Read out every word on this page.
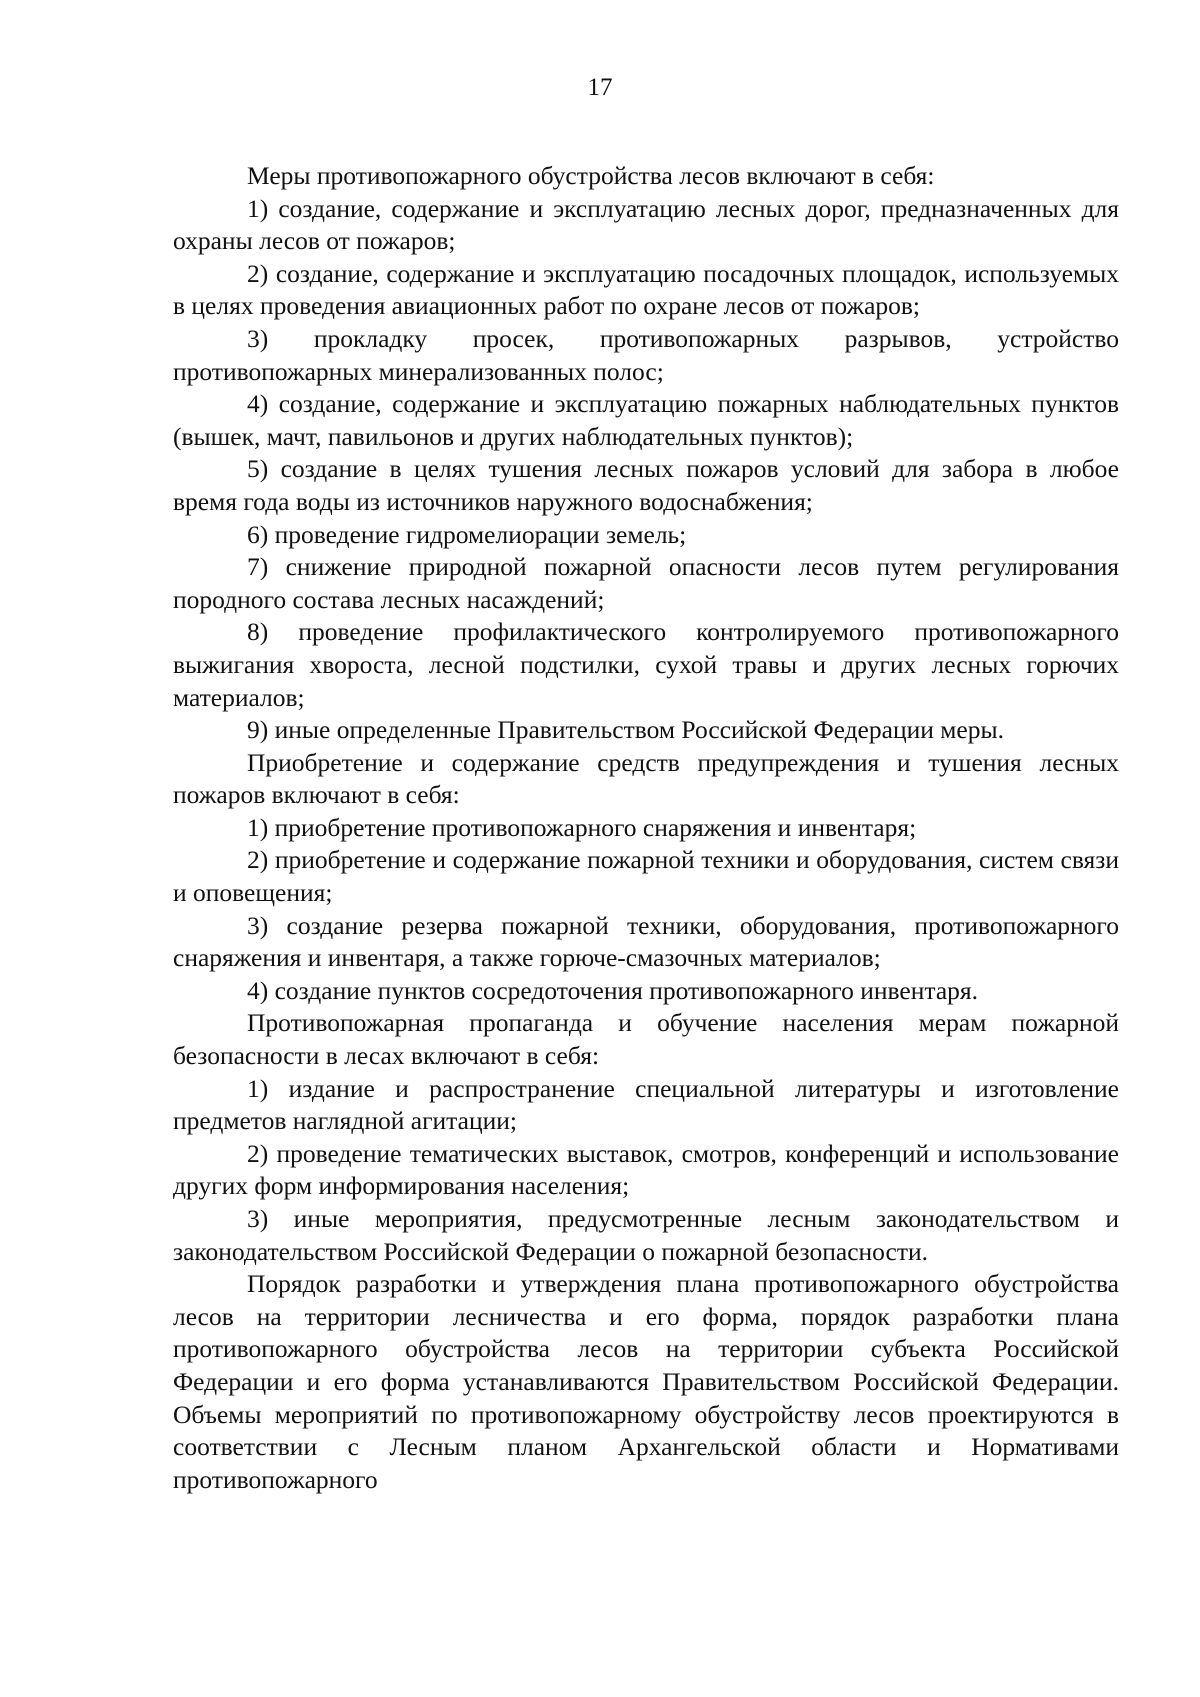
17

Меры противопожарного обустройства лесов включают в себя:

1) создание, содержание и эксплуатацию лесных дорог, предназначенных для охраны лесов от пожаров;

2) создание, содержание и эксплуатацию посадочных площадок, используемых в целях проведения авиационных работ по охране лесов от пожаров;

3) прокладку просек, противопожарных разрывов, устройство противопожарных минерализованных полос;

4) создание, содержание и эксплуатацию пожарных наблюдательных пунктов (вышек, мачт, павильонов и других наблюдательных пунктов);

5) создание в целях тушения лесных пожаров условий для забора в любое время года воды из источников наружного водоснабжения;

6) проведение гидромелиорации земель;

7) снижение природной пожарной опасности лесов путем регулирования породного состава лесных насаждений;

8) проведение профилактического контролируемого противопожарного выжигания хвороста, лесной подстилки, сухой травы и других лесных горючих материалов;

9) иные определенные Правительством Российской Федерации меры.

Приобретение и содержание средств предупреждения и тушения лесных пожаров включают в себя:

1) приобретение противопожарного снаряжения и инвентаря;

2) приобретение и содержание пожарной техники и оборудования, систем связи и оповещения;

3) создание резерва пожарной техники, оборудования, противопожарного снаряжения и инвентаря, а также горюче-смазочных материалов;

4) создание пунктов сосредоточения противопожарного инвентаря.

Противопожарная пропаганда и обучение населения мерам пожарной безопасности в лесах включают в себя:

1) издание и распространение специальной литературы и изготовление предметов наглядной агитации;

2) проведение тематических выставок, смотров, конференций и использование других форм информирования населения;

3) иные мероприятия, предусмотренные лесным законодательством и законодательством Российской Федерации о пожарной безопасности.

Порядок разработки и утверждения плана противопожарного обустройства лесов на территории лесничества и его форма, порядок разработки плана противопожарного обустройства лесов на территории субъекта Российской Федерации и его форма устанавливаются Правительством Российской Федерации. Объемы мероприятий по противопожарному обустройству лесов проектируются в соответствии с Лесным планом Архангельской области и Нормативами противопожарного
